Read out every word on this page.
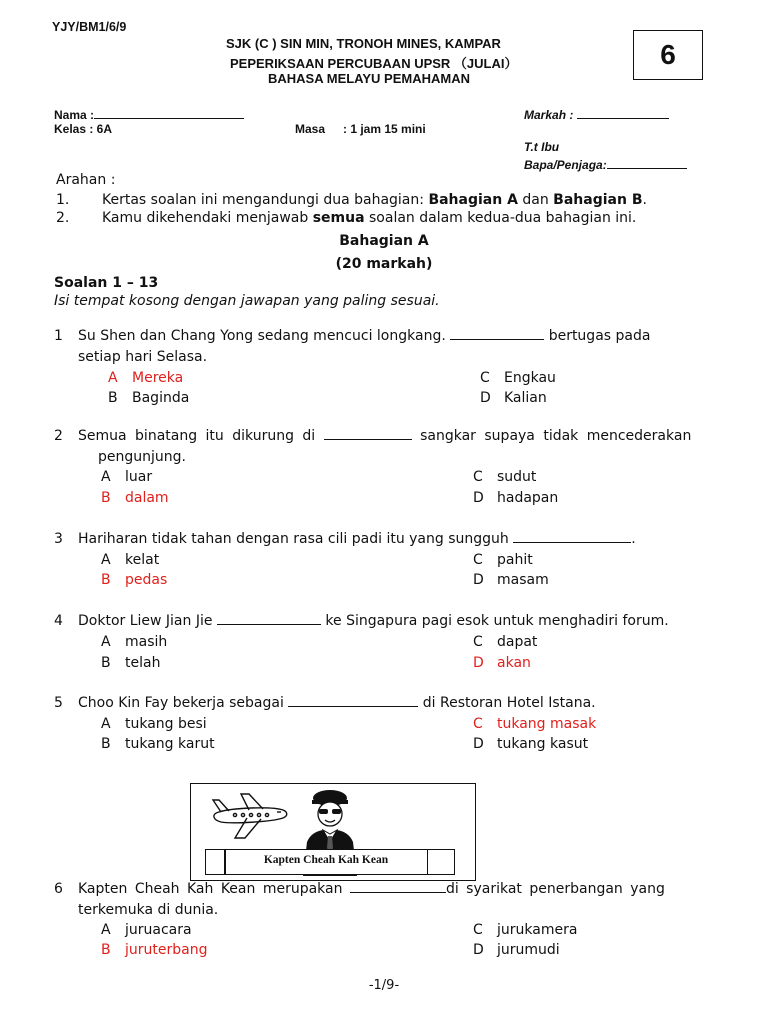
YJY/BM1/6/9
SJK (C ) SIN MIN, TRONOH MINES, KAMPAR
PEPERIKSAAN PERCUBAAN UPSR （JULAI）
BAHASA MELAYU PEMAHAMAN
6
Nama :
Kelas : 6A	Masa : 1 jam 15 mini
Markah :
T.t Ibu
Bapa/Penjaga:
Arahan :
1. Kertas soalan ini mengandungi dua bahagian: Bahagian A dan Bahagian B.
2. Kamu dikehendaki menjawab semua soalan dalam kedua-dua bahagian ini.
Bahagian A
(20 markah)
Soalan 1 – 13
Isi tempat kosong dengan jawapan yang paling sesuai.
1 Su Shen dan Chang Yong sedang mencuci longkang.	bertugas pada
setiap hari Selasa.
A Mereka	C Engkau
B Baginda	D Kalian
2 Semua binatang itu dikurung di	sangkar supaya tidak mencederakan
pengunjung.
A luar	C sudut
B dalam	D hadapan
3 Hariharan tidak tahan dengan rasa cili padi itu yang sungguh	.
A kelat	C pahit
B pedas	D masam
4 Doktor Liew Jian Jie	ke Singapura pagi esok untuk menghadiri forum.
A masih	C dapat
B telah	D akan
5 Choo Kin Fay bekerja sebagai	di Restoran Hotel Istana.
A tukang besi	C tukang masak
B tukang karut	D tukang kasut
Kapten Cheah Kah Kean
6 Kapten Cheah Kah Kean merupakan	di syarikat penerbangan yang
terkemuka di dunia.
A juruacara	C jurukamera
B juruterbang	D jurumudi
-1/9-
